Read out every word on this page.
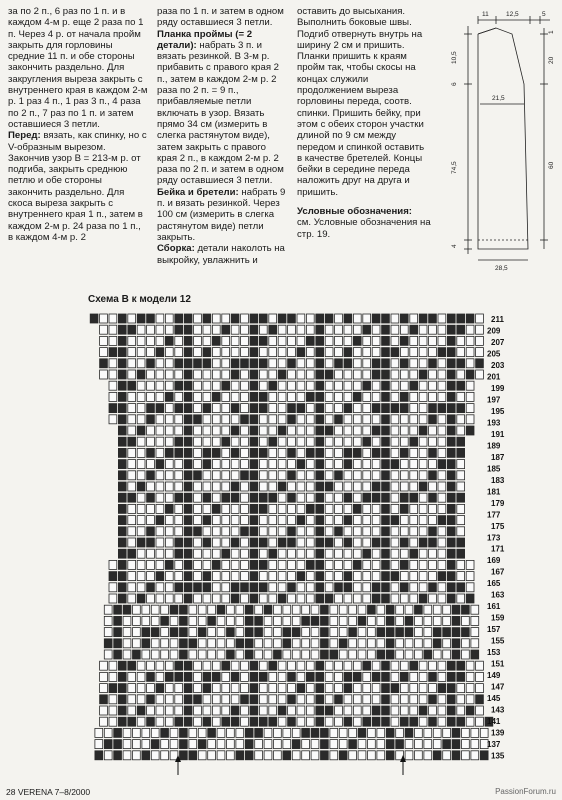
за по 2 п., 6 раз по 1 п. и в каждом 4-м р. еще 2 раза по 1 п. Через 4 р. от начала пройм закрыть для горловины средние 11 п. и обе стороны закончить раздельно. Для закругления выреза закрыть с внутреннего края в каждом 2-м р. 1 раз 4 п., 1 раз 3 п., 4 раза по 2 п., 7 раз по 1 п. и затем оставшиеся 3 петли.

Перед: вязать, как спинку, но с V-образным вырезом. Закончив узор B = 213-м р. от подгиба, закрыть среднюю петлю и обе стороны закончить раздельно. Для скоса выреза закрыть с внутреннего края 1 п., затем в каждом 2-м р. 24 раза по 1 п., в каждом 4-м р. 2

раза по 1 п. и затем в одном ряду оставшиеся 3 петли.

Планка проймы (= 2 детали): набрать 3 п. и вязать резинкой. В 3-м р. прибавить с правого края 2 п., затем в каждом 2-м р. 2 раза по 2 п. = 9 п., прибавляемые петли включать в узор. Вязать прямо 34 см (измерить в слегка растянутом виде), затем закрыть с правого края 2 п., в каждом 2-м р. 2 раза по 2 п. и затем в одном ряду оставшиеся 3 петли.

Бейка и бретели: набрать 9 п. и вязать резинкой. Через 100 см (измерить в слегка растянутом виде) петли закрыть.

Сборка: детали наколоть на выкройку, увлажнить и

оставить до высыхания. Выполнить боковые швы. Подгиб отвернуть внутрь на ширину 2 см и пришить. Планки пришить к краям пройм так, чтобы скосы на концах служили продолжением выреза горловины переда, соотв. спинки. Пришить бейку, при этом с обеих сторон участки длиной по 9 см между передом и спинкой оставить в качестве бретелей. Концы бейки в середине переда наложить друг на друга и пришить.

Условные обозначения:

см. Условные обозначения на стр. 19.

11	12,5	5
10,5
6
74,5
4
1
20
60
21,5
28,5
Схема В к модели 12
211
209
207
205
203
201
199
197
195
193
191
189
187
185
183
181
179
177
175
173
171
169
167
165
163
161
159
157
155
153
151
149
147
145
143
141
139
137
135
28 VERENA 7–8/2000	PassionForum.ru
